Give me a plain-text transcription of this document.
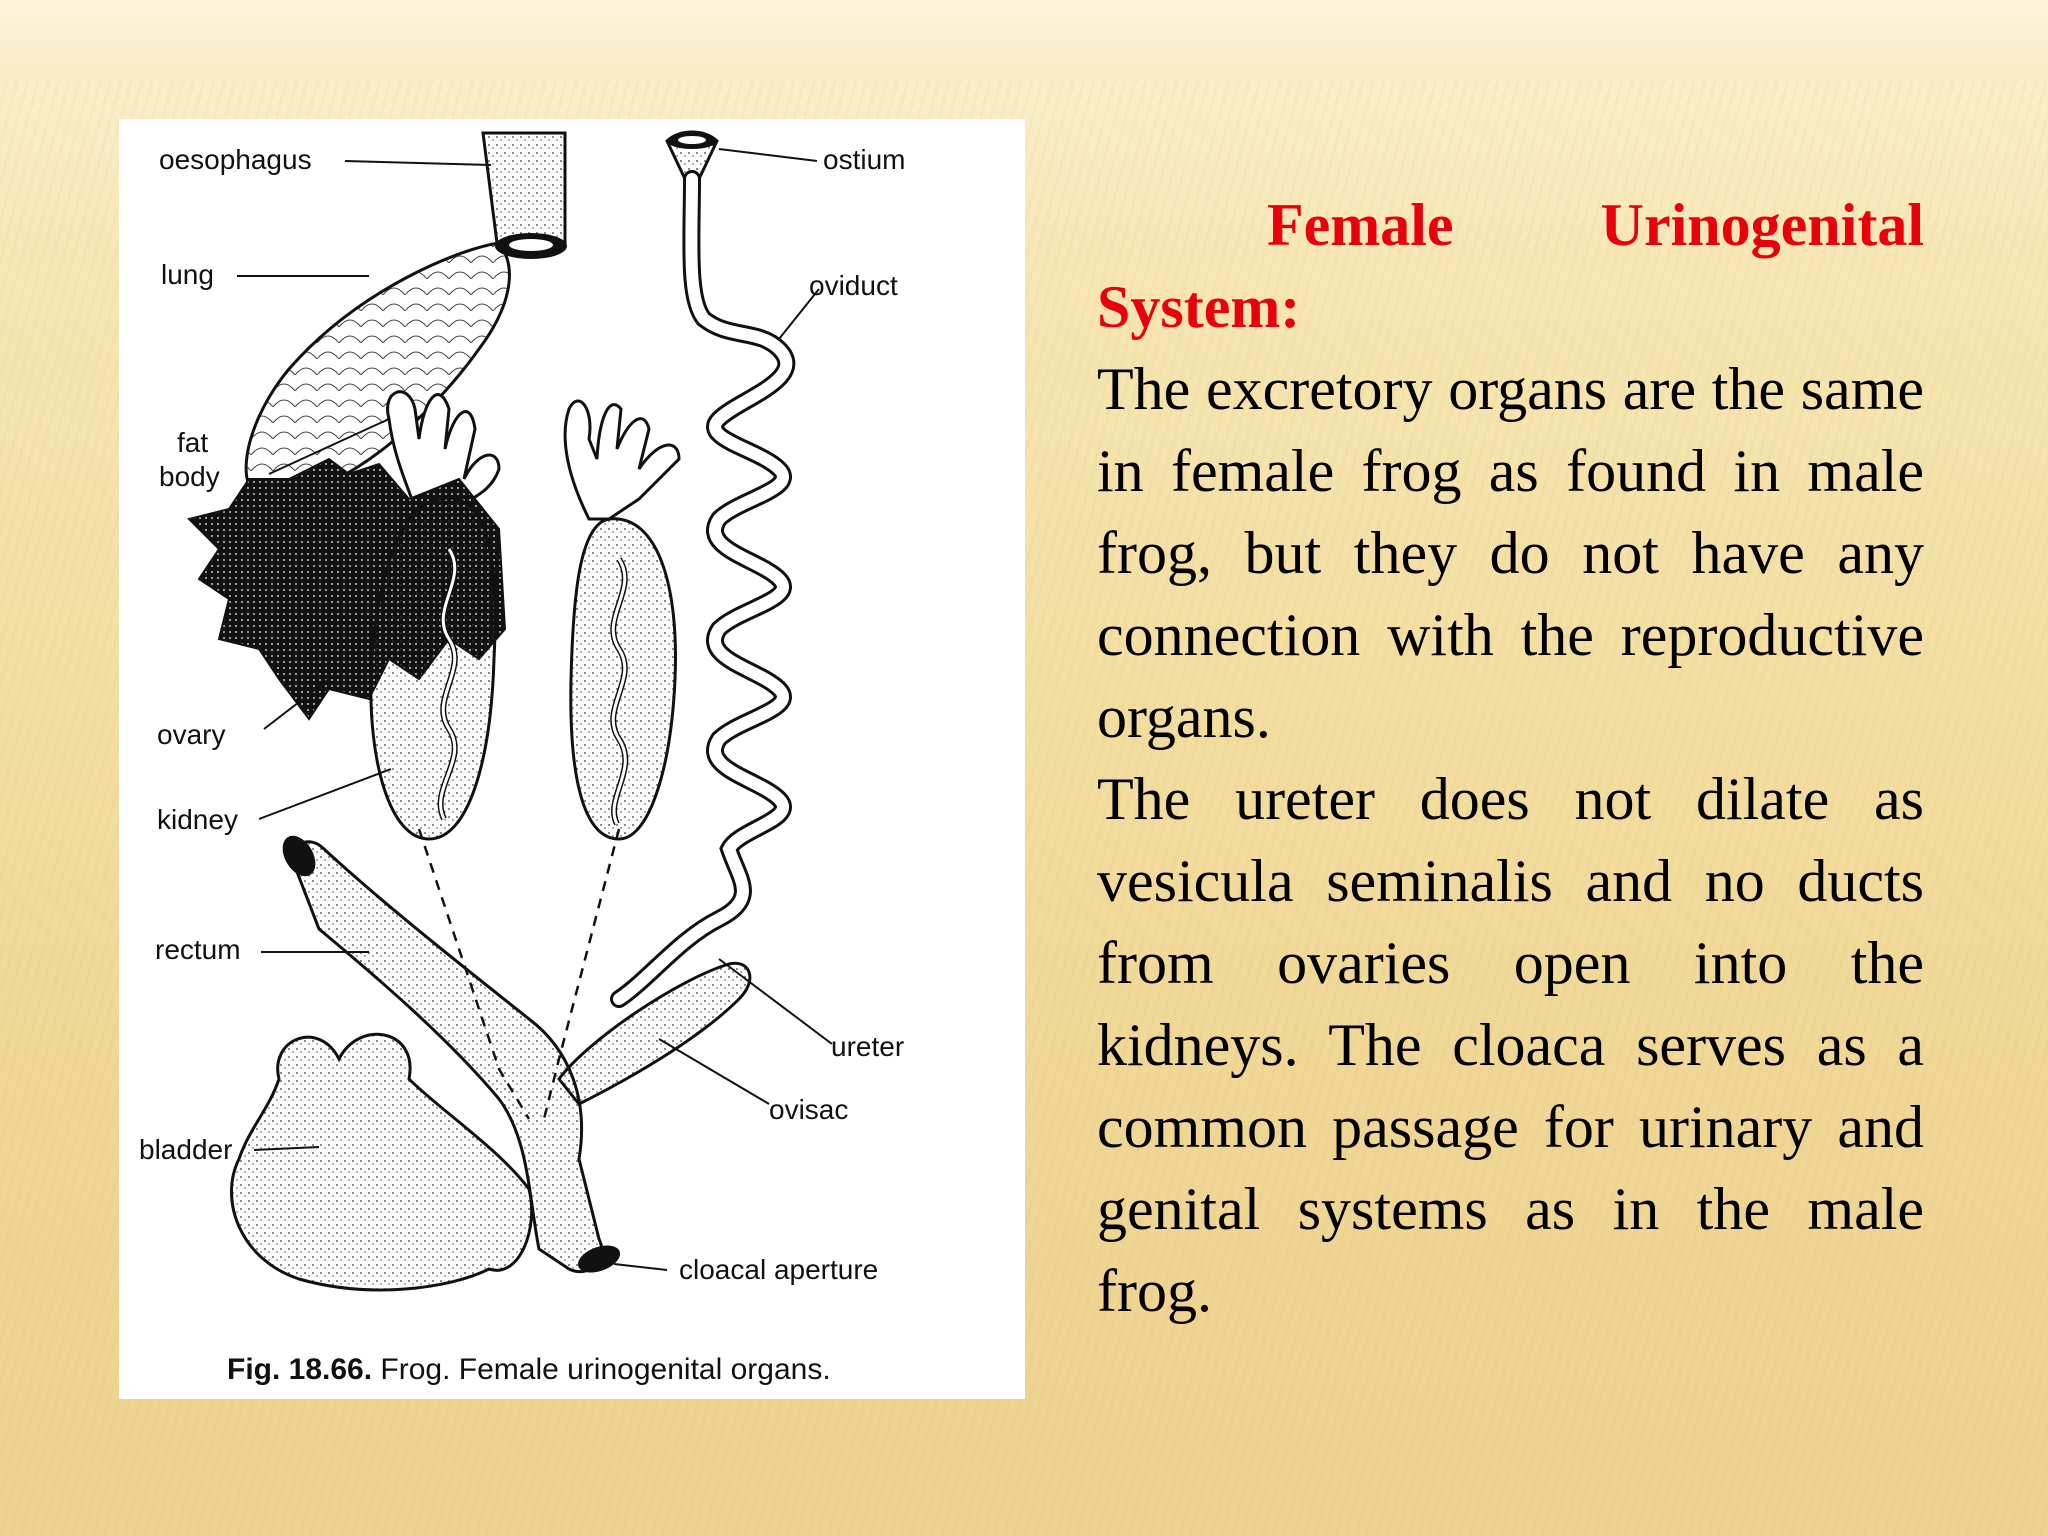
oesophagus
lung
fat
body
ovary
kidney
rectum
bladder
ostium
oviduct
ureter
ovisac
cloacal aperture
Fig. 18.66. Frog. Female urinogenital organs.
Female Urinogenital System:

The excretory organs are the same in female frog as found in male frog, but they do not have any connection with the reproductive organs.

The ureter does not dilate as vesicula seminalis and no ducts from ovaries open into the kidneys. The cloaca serves as a common passage for urinary and genital systems as in the male frog.
